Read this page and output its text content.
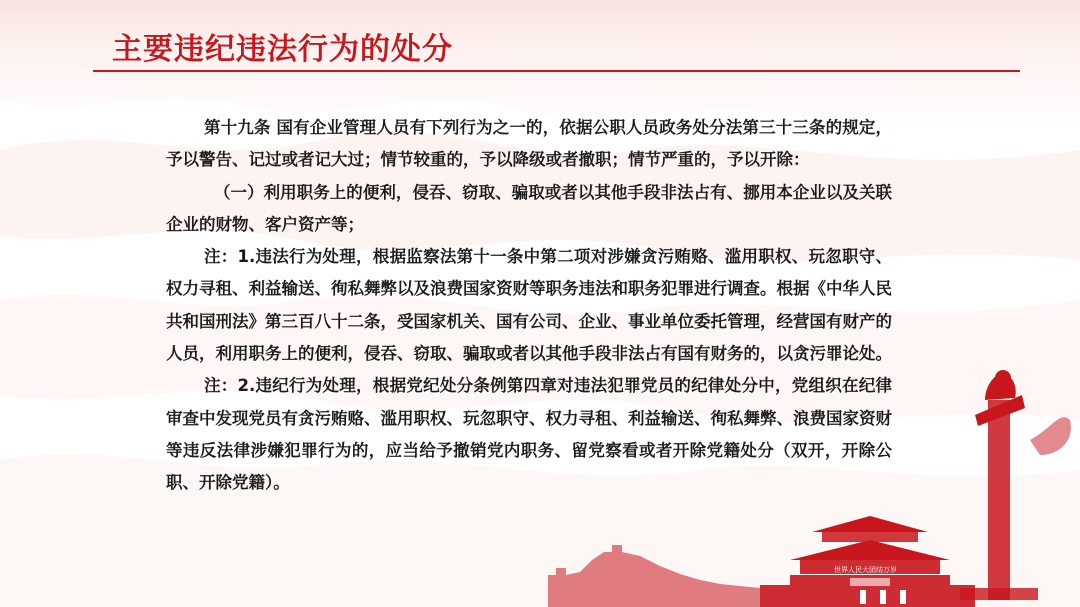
主要违纪违法行为的处分

第十九条 国有企业管理人员有下列行为之一的，依据公职人员政务处分法第三十三条的规定，予以警告、记过或者记大过；情节较重的，予以降级或者撤职；情节严重的，予以开除：

（一）利用职务上的便利，侵吞、窃取、骗取或者以其他手段非法占有、挪用本企业以及关联企业的财物、客户资产等；

注：1.违法行为处理，根据监察法第十一条中第二项对涉嫌贪污贿赂、滥用职权、玩忽职守、权力寻租、利益输送、徇私舞弊以及浪费国家资财等职务违法和职务犯罪进行调查。根据《中华人民共和国刑法》第三百八十二条，受国家机关、国有公司、企业、事业单位委托管理，经营国有财产的人员，利用职务上的便利，侵吞、窃取、骗取或者以其他手段非法占有国有财务的，以贪污罪论处。

注：2.违纪行为处理，根据党纪处分条例第四章对违法犯罪党员的纪律处分中，党组织在纪律审查中发现党员有贪污贿赂、滥用职权、玩忽职守、权力寻租、利益输送、徇私舞弊、浪费国家资财等违反法律涉嫌犯罪行为的，应当给予撤销党内职务、留党察看或者开除党籍处分（双开，开除公职、开除党籍）。

世界人民大团结万岁
